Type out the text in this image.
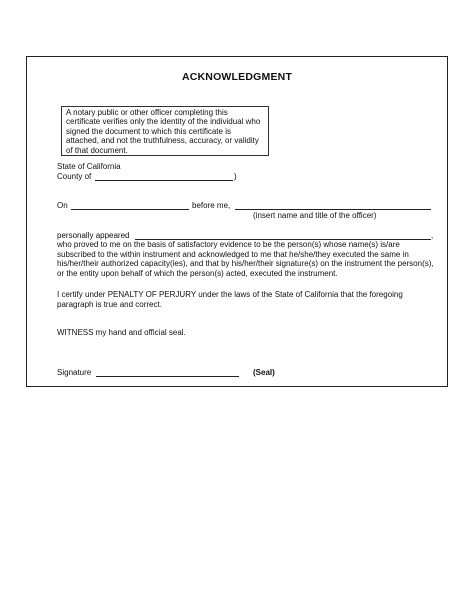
ACKNOWLEDGMENT
A notary public or other officer completing this certificate verifies only the identity of the individual who signed the document to which this certificate is attached, and not the truthfulness, accuracy, or validity of that document.
State of California
County of	)
On	before me,
(insert name and title of the officer)
personally appeared	,
who proved to me on the basis of satisfactory evidence to be the person(s) whose name(s) is/are subscribed to the within instrument and acknowledged to me that he/she/they executed the same in his/her/their authorized capacity(ies), and that by his/her/their signature(s) on the instrument the person(s), or the entity upon behalf of which the person(s) acted, executed the instrument.
I certify under PENALTY OF PERJURY under the laws of the State of California that the foregoing paragraph is true and correct.
WITNESS my hand and official seal.
Signature	(Seal)
